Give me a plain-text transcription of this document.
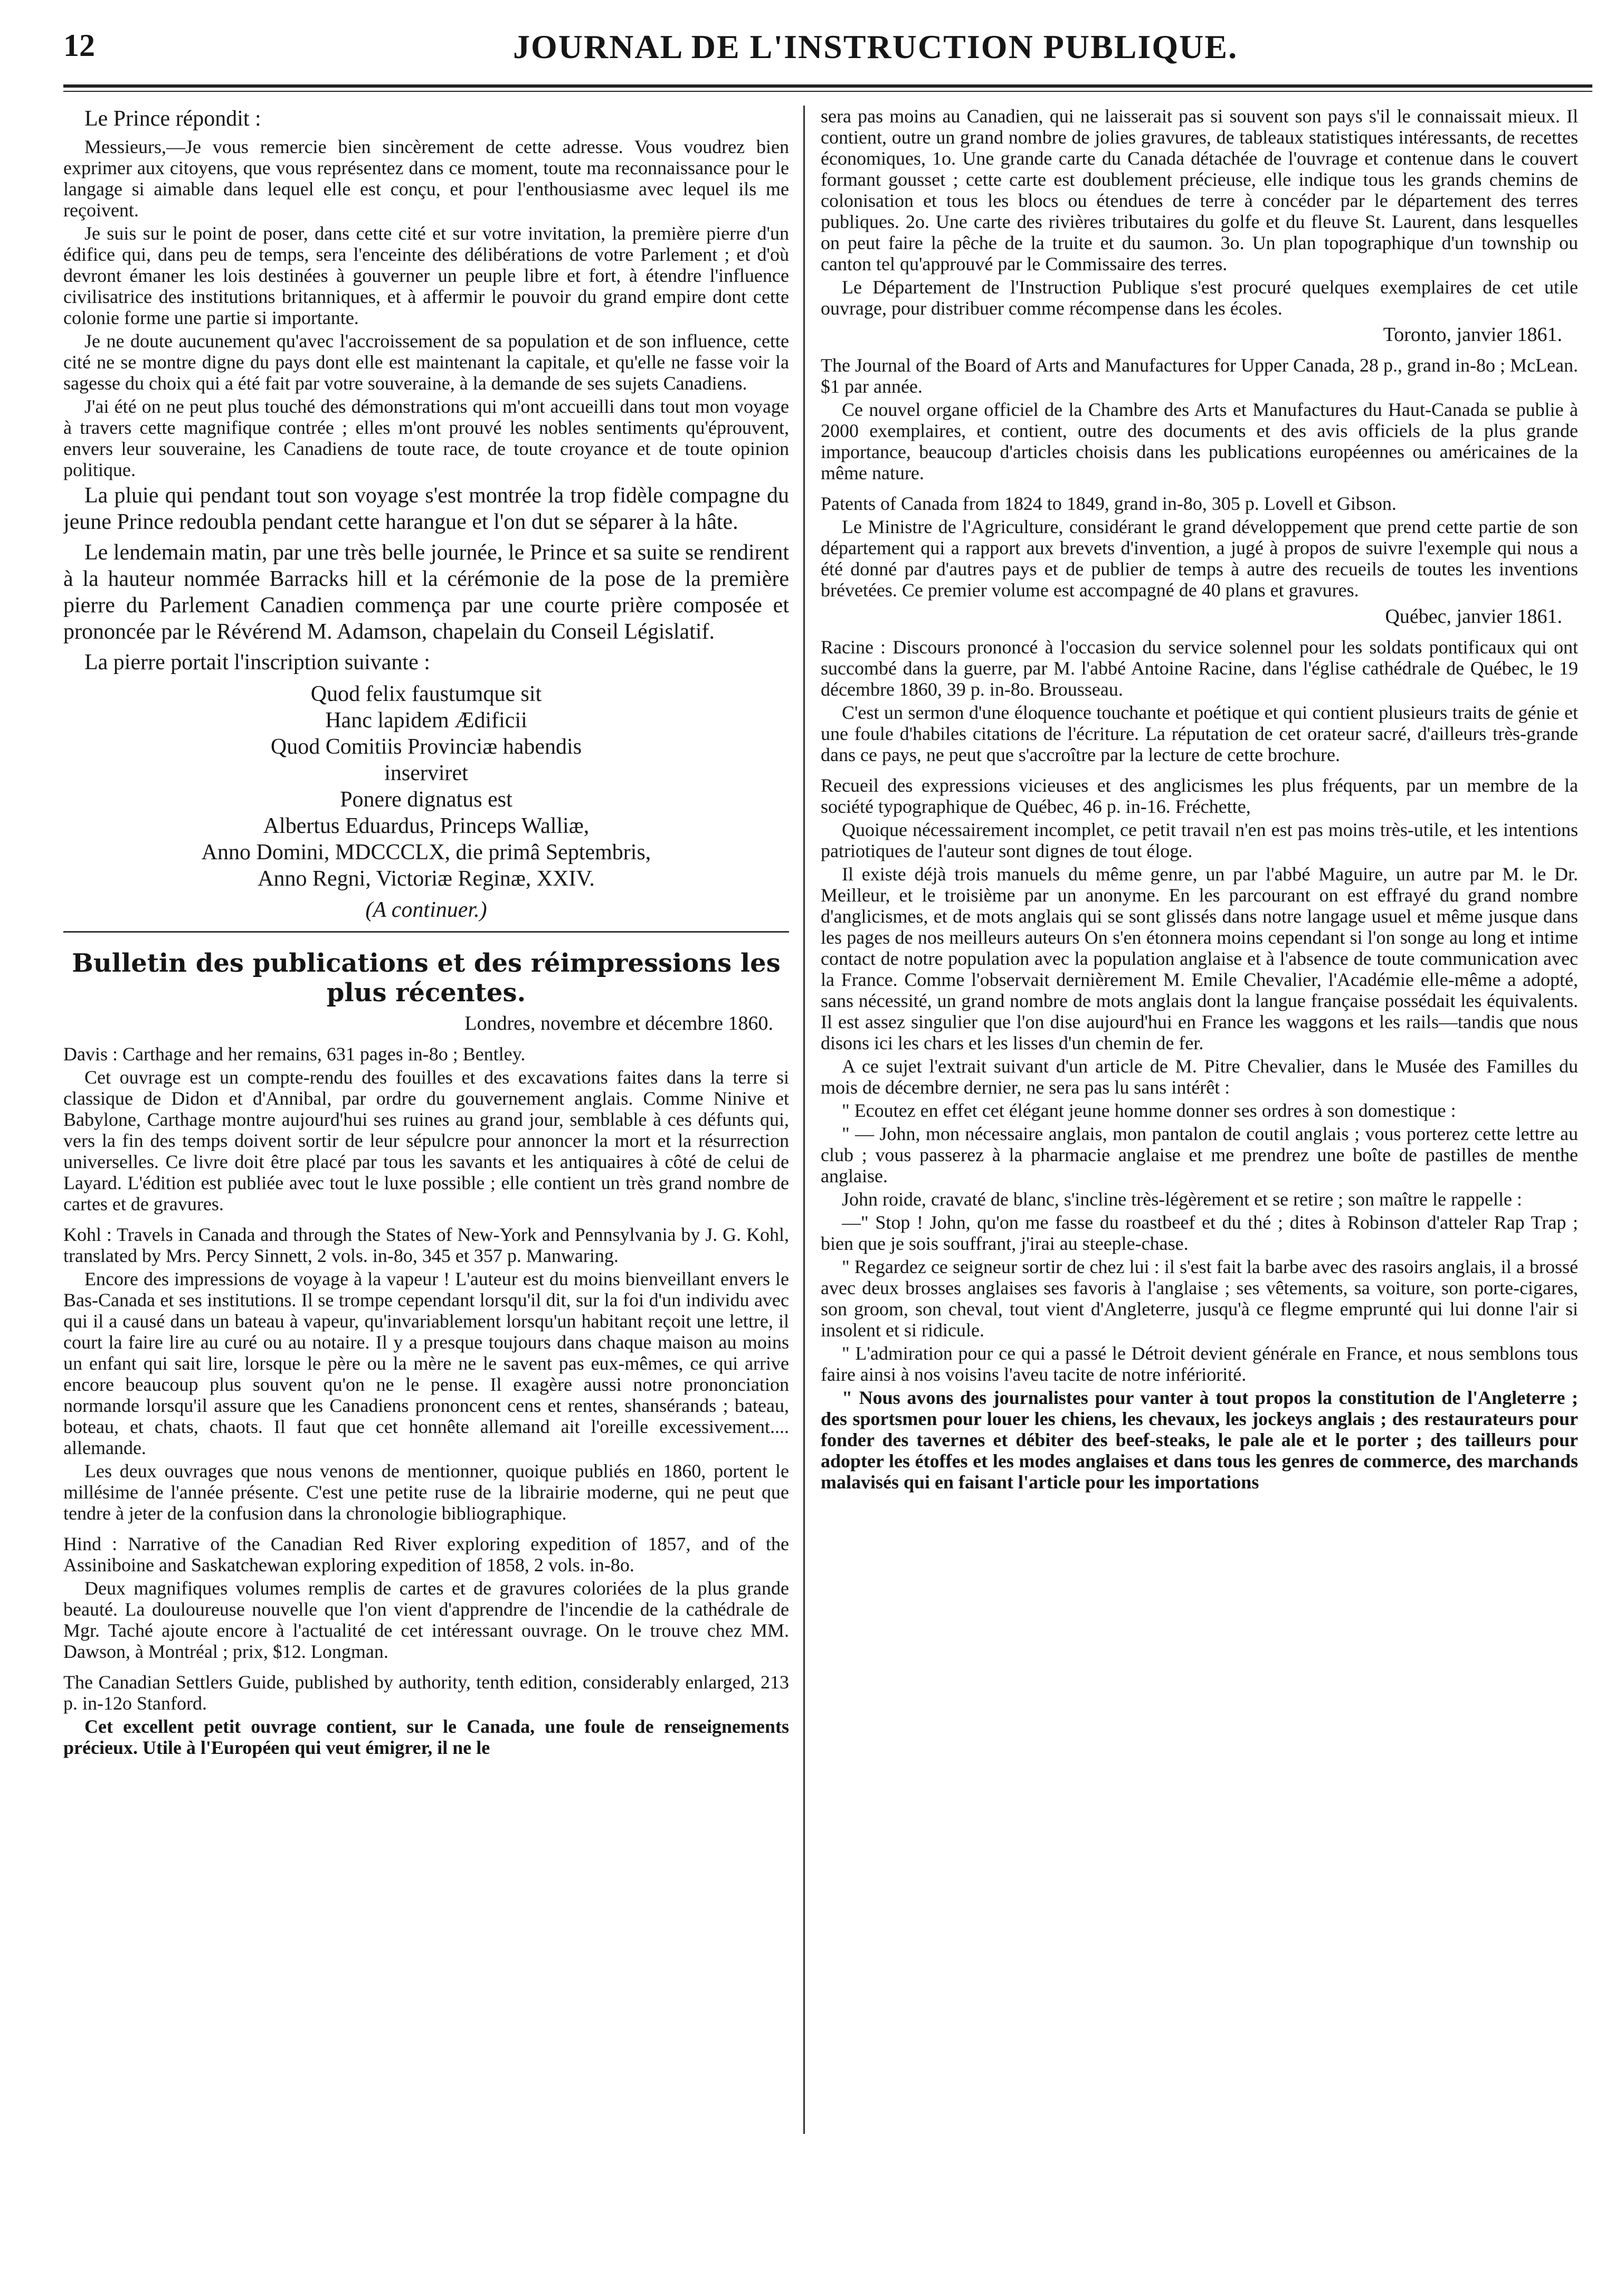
12	JOURNAL DE L'INSTRUCTION PUBLIQUE.

Le Prince répondit :

Messieurs,—Je vous remercie bien sincèrement de cette adresse. Vous voudrez bien exprimer aux citoyens, que vous représentez dans ce moment, toute ma reconnaissance pour le langage si aimable dans lequel elle est conçu, et pour l'enthousiasme avec lequel ils me reçoivent.

Je suis sur le point de poser, dans cette cité et sur votre invitation, la première pierre d'un édifice qui, dans peu de temps, sera l'enceinte des délibérations de votre Parlement ; et d'où devront émaner les lois destinées à gouverner un peuple libre et fort, à étendre l'influence civilisatrice des institutions britanniques, et à affermir le pouvoir du grand empire dont cette colonie forme une partie si importante.

Je ne doute aucunement qu'avec l'accroissement de sa population et de son influence, cette cité ne se montre digne du pays dont elle est maintenant la capitale, et qu'elle ne fasse voir la sagesse du choix qui a été fait par votre souveraine, à la demande de ses sujets Canadiens.

J'ai été on ne peut plus touché des démonstrations qui m'ont accueilli dans tout mon voyage à travers cette magnifique contrée ; elles m'ont prouvé les nobles sentiments qu'éprouvent, envers leur souveraine, les Canadiens de toute race, de toute croyance et de toute opinion politique.

La pluie qui pendant tout son voyage s'est montrée la trop fidèle compagne du jeune Prince redoubla pendant cette harangue et l'on dut se séparer à la hâte.

Le lendemain matin, par une très belle journée, le Prince et sa suite se rendirent à la hauteur nommée Barracks hill et la cérémonie de la pose de la première pierre du Parlement Canadien commença par une courte prière composée et prononcée par le Révérend M. Adamson, chapelain du Conseil Législatif.

La pierre portait l'inscription suivante :

Quod felix faustumque sit
Hanc lapidem Ædificii
Quod Comitiis Provinciæ habendis
inserviret
Ponere dignatus est
Albertus Eduardus, Princeps Walliæ,
Anno Domini, MDCCCLX, die primâ Septembris,
Anno Regni, Victoriæ Reginæ, XXIV.
(A continuer.)
Bulletin des publications et des réimpressions les plus récentes.
Londres, novembre et décembre 1860.

Davis : Carthage and her remains, 631 pages in-8o ; Bentley.

Cet ouvrage est un compte-rendu des fouilles et des excavations faites dans la terre si classique de Didon et d'Annibal, par ordre du gouvernement anglais. Comme Ninive et Babylone, Carthage montre aujourd'hui ses ruines au grand jour, semblable à ces défunts qui, vers la fin des temps doivent sortir de leur sépulcre pour annoncer la mort et la résurrection universelles. Ce livre doit être placé par tous les savants et les antiquaires à côté de celui de Layard. L'édition est publiée avec tout le luxe possible ; elle contient un très grand nombre de cartes et de gravures.

Kohl : Travels in Canada and through the States of New-York and Pennsylvania by J. G. Kohl, translated by Mrs. Percy Sinnett, 2 vols. in-8o, 345 et 357 p. Manwaring.

Encore des impressions de voyage à la vapeur ! L'auteur est du moins bienveillant envers le Bas-Canada et ses institutions. Il se trompe cependant lorsqu'il dit, sur la foi d'un individu avec qui il a causé dans un bateau à vapeur, qu'invariablement lorsqu'un habitant reçoit une lettre, il court la faire lire au curé ou au notaire. Il y a presque toujours dans chaque maison au moins un enfant qui sait lire, lorsque le père ou la mère ne le savent pas eux-mêmes, ce qui arrive encore beaucoup plus souvent qu'on ne le pense. Il exagère aussi notre prononciation normande lorsqu'il assure que les Canadiens prononcent cens et rentes, shansérands ; bateau, boteau, et chats, chaots. Il faut que cet honnête allemand ait l'oreille excessivement.... allemande.

Les deux ouvrages que nous venons de mentionner, quoique publiés en 1860, portent le millésime de l'année présente. C'est une petite ruse de la librairie moderne, qui ne peut que tendre à jeter de la confusion dans la chronologie bibliographique.

Hind : Narrative of the Canadian Red River exploring expedition of 1857, and of the Assiniboine and Saskatchewan exploring expedition of 1858, 2 vols. in-8o.

Deux magnifiques volumes remplis de cartes et de gravures coloriées de la plus grande beauté. La douloureuse nouvelle que l'on vient d'apprendre de l'incendie de la cathédrale de Mgr. Taché ajoute encore à l'actualité de cet intéressant ouvrage. On le trouve chez MM. Dawson, à Montréal ; prix, $12. Longman.

The Canadian Settlers Guide, published by authority, tenth edition, considerably enlarged, 213 p. in-12o Stanford.

Cet excellent petit ouvrage contient, sur le Canada, une foule de renseignements précieux. Utile à l'Européen qui veut émigrer, il ne le

sera pas moins au Canadien, qui ne laisserait pas si souvent son pays s'il le connaissait mieux. Il contient, outre un grand nombre de jolies gravures, de tableaux statistiques intéressants, de recettes économiques, 1o. Une grande carte du Canada détachée de l'ouvrage et contenue dans le couvert formant gousset ; cette carte est doublement précieuse, elle indique tous les grands chemins de colonisation et tous les blocs ou étendues de terre à concéder par le département des terres publiques. 2o. Une carte des rivières tributaires du golfe et du fleuve St. Laurent, dans lesquelles on peut faire la pêche de la truite et du saumon. 3o. Un plan topographique d'un township ou canton tel qu'approuvé par le Commissaire des terres.

Le Département de l'Instruction Publique s'est procuré quelques exemplaires de cet utile ouvrage, pour distribuer comme récompense dans les écoles.

Toronto, janvier 1861.

The Journal of the Board of Arts and Manufactures for Upper Canada, 28 p., grand in-8o ; McLean. $1 par année.

Ce nouvel organe officiel de la Chambre des Arts et Manufactures du Haut-Canada se publie à 2000 exemplaires, et contient, outre des documents et des avis officiels de la plus grande importance, beaucoup d'articles choisis dans les publications européennes ou américaines de la même nature.

Patents of Canada from 1824 to 1849, grand in-8o, 305 p. Lovell et Gibson.

Le Ministre de l'Agriculture, considérant le grand développement que prend cette partie de son département qui a rapport aux brevets d'invention, a jugé à propos de suivre l'exemple qui nous a été donné par d'autres pays et de publier de temps à autre des recueils de toutes les inventions brévetées. Ce premier volume est accompagné de 40 plans et gravures.

Québec, janvier 1861.

Racine : Discours prononcé à l'occasion du service solennel pour les soldats pontificaux qui ont succombé dans la guerre, par M. l'abbé Antoine Racine, dans l'église cathédrale de Québec, le 19 décembre 1860, 39 p. in-8o. Brousseau.

C'est un sermon d'une éloquence touchante et poétique et qui contient plusieurs traits de génie et une foule d'habiles citations de l'écriture. La réputation de cet orateur sacré, d'ailleurs très-grande dans ce pays, ne peut que s'accroître par la lecture de cette brochure.

Recueil des expressions vicieuses et des anglicismes les plus fréquents, par un membre de la société typographique de Québec, 46 p. in-16. Fréchette,

Quoique nécessairement incomplet, ce petit travail n'en est pas moins très-utile, et les intentions patriotiques de l'auteur sont dignes de tout éloge.

Il existe déjà trois manuels du même genre, un par l'abbé Maguire, un autre par M. le Dr. Meilleur, et le troisième par un anonyme. En les parcourant on est effrayé du grand nombre d'anglicismes, et de mots anglais qui se sont glissés dans notre langage usuel et même jusque dans les pages de nos meilleurs auteurs On s'en étonnera moins cependant si l'on songe au long et intime contact de notre population avec la population anglaise et à l'absence de toute communication avec la France. Comme l'observait dernièrement M. Emile Chevalier, l'Académie elle-même a adopté, sans nécessité, un grand nombre de mots anglais dont la langue française possédait les équivalents. Il est assez singulier que l'on dise aujourd'hui en France les waggons et les rails—tandis que nous disons ici les chars et les lisses d'un chemin de fer.

A ce sujet l'extrait suivant d'un article de M. Pitre Chevalier, dans le Musée des Familles du mois de décembre dernier, ne sera pas lu sans intérêt :

" Ecoutez en effet cet élégant jeune homme donner ses ordres à son domestique :

" — John, mon nécessaire anglais, mon pantalon de coutil anglais ; vous porterez cette lettre au club ; vous passerez à la pharmacie anglaise et me prendrez une boîte de pastilles de menthe anglaise.

John roide, cravaté de blanc, s'incline très-légèrement et se retire ; son maître le rappelle :

—" Stop ! John, qu'on me fasse du roastbeef et du thé ; dites à Robinson d'atteler Rap Trap ; bien que je sois souffrant, j'irai au steeple-chase.

" Regardez ce seigneur sortir de chez lui : il s'est fait la barbe avec des rasoirs anglais, il a brossé avec deux brosses anglaises ses favoris à l'anglaise ; ses vêtements, sa voiture, son porte-cigares, son groom, son cheval, tout vient d'Angleterre, jusqu'à ce flegme emprunté qui lui donne l'air si insolent et si ridicule.

" L'admiration pour ce qui a passé le Détroit devient générale en France, et nous semblons tous faire ainsi à nos voisins l'aveu tacite de notre infériorité.

" Nous avons des journalistes pour vanter à tout propos la constitution de l'Angleterre ; des sportsmen pour louer les chiens, les chevaux, les jockeys anglais ; des restaurateurs pour fonder des tavernes et débiter des beef-steaks, le pale ale et le porter ; des tailleurs pour adopter les étoffes et les modes anglaises et dans tous les genres de commerce, des marchands malavisés qui en faisant l'article pour les importations
